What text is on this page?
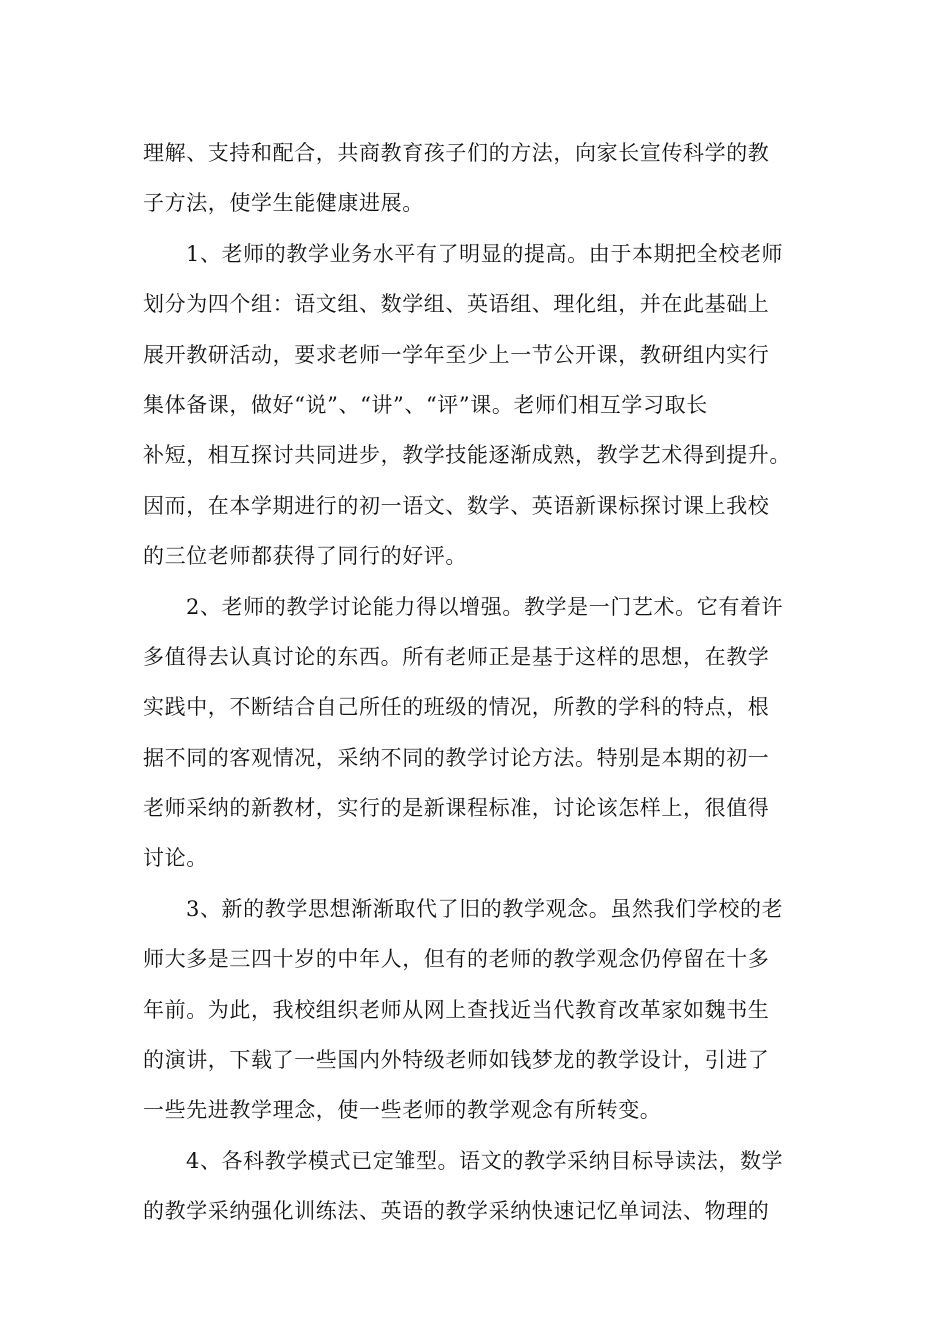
理解、支持和配合，共商教育孩子们的方法，向家长宣传科学的教
子方法，使学生能健康进展。
1、老师的教学业务水平有了明显的提高。由于本期把全校老师
划分为四个组：语文组、数学组、英语组、理化组，并在此基础上
展开教研活动，要求老师一学年至少上一节公开课，教研组内实行
集体备课，做好“说”、“讲”、“评”课。老师们相互学习取长
补短，相互探讨共同进步，教学技能逐渐成熟，教学艺术得到提升。
因而，在本学期进行的初一语文、数学、英语新课标探讨课上我校
的三位老师都获得了同行的好评。
2、老师的教学讨论能力得以增强。教学是一门艺术。它有着许
多值得去认真讨论的东西。所有老师正是基于这样的思想，在教学
实践中，不断结合自己所任的班级的情况，所教的学科的特点，根
据不同的客观情况，采纳不同的教学讨论方法。特别是本期的初一
老师采纳的新教材，实行的是新课程标准，讨论该怎样上，很值得
讨论。
3、新的教学思想渐渐取代了旧的教学观念。虽然我们学校的老
师大多是三四十岁的中年人，但有的老师的教学观念仍停留在十多
年前。为此，我校组织老师从网上查找近当代教育改革家如魏书生
的演讲，下载了一些国内外特级老师如钱梦龙的教学设计，引进了
一些先进教学理念，使一些老师的教学观念有所转变。
4、各科教学模式已定雏型。语文的教学采纳目标导读法，数学
的教学采纳强化训练法、英语的教学采纳快速记忆单词法、物理的
